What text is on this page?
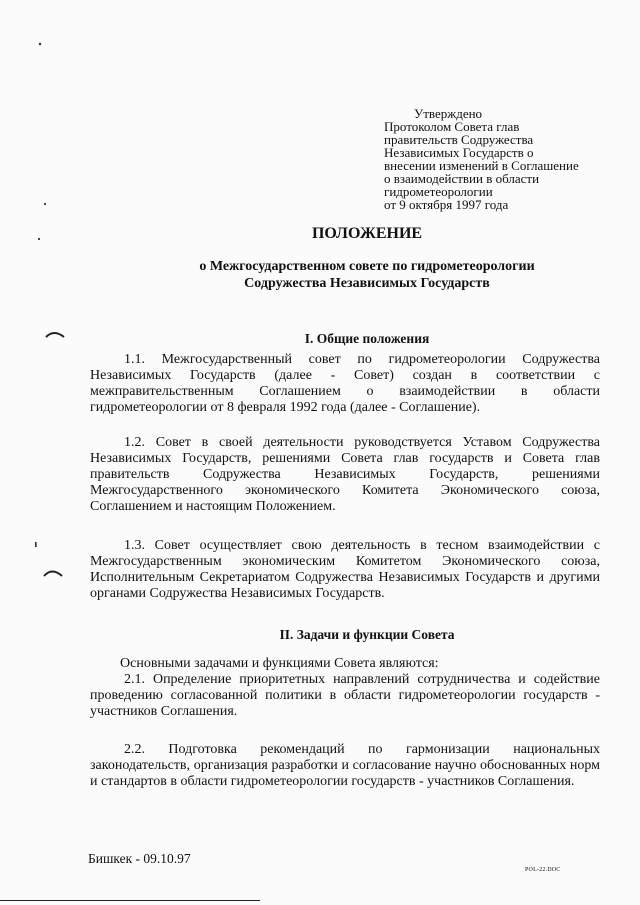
Утверждено
Протоколом Совета глав
правительств Содружества
Независимых Государств о
внесении изменений в Соглашение
о взаимодействии в области
гидрометеорологии
от 9 октября 1997 года
ПОЛОЖЕНИЕ
о Межгосударственном совете по гидрометеорологии
Содружества Независимых Государств
I. Общие положения

1.1. Межгосударственный совет по гидрометеорологии Содружества Независимых Государств (далее - Совет) создан в соответствии с межправительственным Соглашением о взаимодействии в области гидрометеорологии от 8 февраля 1992 года (далее - Соглашение).

1.2. Совет в своей деятельности руководствуется Уставом Содружества Независимых Государств, решениями Совета глав государств и Совета глав правительств Содружества Независимых Государств, решениями Межгосударственного экономического Комитета Экономического союза, Соглашением и настоящим Положением.

1.3. Совет осуществляет свою деятельность в тесном взаимодействии с Межгосударственным экономическим Комитетом Экономического союза, Исполнительным Секретариатом Содружества Независимых Государств и другими органами Содружества Независимых Государств.

II. Задачи и функции Совета

Основными задачами и функциями Совета являются:

2.1. Определение приоритетных направлений сотрудничества и содействие проведению согласованной политики в области гидрометеорологии государств - участников Соглашения.

2.2. Подготовка рекомендаций по гармонизации национальных законодательств, организация разработки и согласование научно обоснованных норм и стандартов в области гидрометеорологии государств - участников Соглашения.

Бишкек - 09.10.97
POL-22.DOC
